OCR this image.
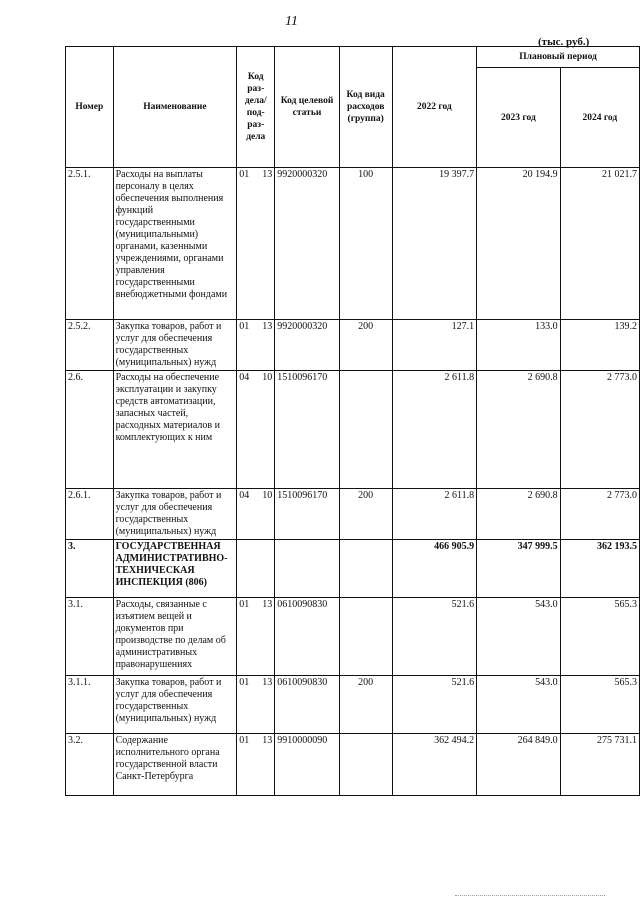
11
(тыс. руб.)
Номер	Наименование	Код раз-дела/под-раз-дела	Код целевой статьи	Код вида расходов (группа)	2022 год	Плановый период	
						2023 год	2024 год
2.5.1.	Расходы на выплаты персоналу в целях обеспечения выполнения функций государственными (муниципальными) органами, казенными учреждениями, органами управления государственными внебюджетными фондами	01 13	9920000320	100	19 397.7	20 194.9	21 021.7
2.5.2.	Закупка товаров, работ и услуг для обеспечения государственных (муниципальных) нужд	01 13	9920000320	200	127.1	133.0	139.2
2.6.	Расходы на обеспечение эксплуатации и закупку средств автоматизации, запасных частей, расходных материалов и комплектующих к ним	04 10	1510096170		2 611.8	2 690.8	2 773.0
2.6.1.	Закупка товаров, работ и услуг для обеспечения государственных (муниципальных) нужд	04 10	1510096170	200	2 611.8	2 690.8	2 773.0
3.	ГОСУДАРСТВЕННАЯ АДМИНИСТРАТИВНО-ТЕХНИЧЕСКАЯ ИНСПЕКЦИЯ (806)				466 905.9	347 999.5	362 193.5
3.1.	Расходы, связанные с изъятием вещей и документов при производстве по делам об административных правонарушениях	01 13	0610090830		521.6	543.0	565.3
3.1.1.	Закупка товаров, работ и услуг для обеспечения государственных (муниципальных) нужд	01 13	0610090830	200	521.6	543.0	565.3
3.2.	Содержание исполнительного органа государственной власти Санкт-Петербурга	01 13	9910000090		362 494.2	264 849.0	275 731.1
